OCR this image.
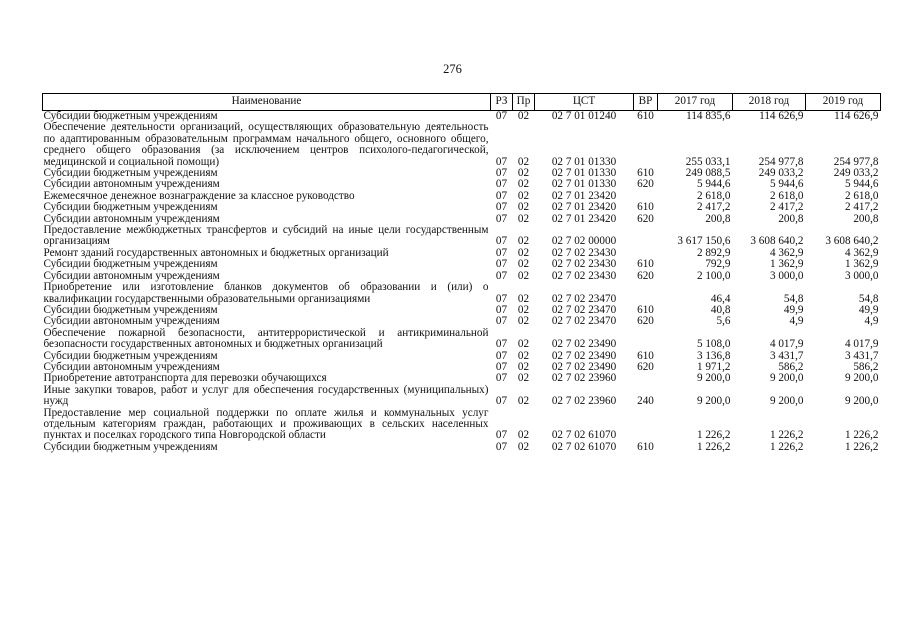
276
Наименование	РЗ	Пр	ЦСТ	ВР	2017 год	2018 год	2019 год
Субсидии бюджетным учреждениям	07	02	02 7 01 01240	610	114 835,6	114 626,9	114 626,9
Обеспечение деятельности организаций, осуществляющих образовательную деятельность по адаптированным образовательным программам начального общего, основного общего, среднего общего образования (за исключением центров психолого-педагогической, медицинской и социальной помощи)	07	02	02 7 01 01330		255 033,1	254 977,8	254 977,8
Субсидии бюджетным учреждениям	07	02	02 7 01 01330	610	249 088,5	249 033,2	249 033,2
Субсидии автономным учреждениям	07	02	02 7 01 01330	620	5 944,6	5 944,6	5 944,6
Ежемесячное денежное вознаграждение за классное руководство	07	02	02 7 01 23420		2 618,0	2 618,0	2 618,0
Субсидии бюджетным учреждениям	07	02	02 7 01 23420	610	2 417,2	2 417,2	2 417,2
Субсидии автономным учреждениям	07	02	02 7 01 23420	620	200,8	200,8	200,8
Предоставление межбюджетных трансфертов и субсидий на иные цели государственным организациям	07	02	02 7 02 00000		3 617 150,6	3 608 640,2	3 608 640,2
Ремонт зданий государственных автономных и бюджетных организаций	07	02	02 7 02 23430		2 892,9	4 362,9	4 362,9
Субсидии бюджетным учреждениям	07	02	02 7 02 23430	610	792,9	1 362,9	1 362,9
Субсидии автономным учреждениям	07	02	02 7 02 23430	620	2 100,0	3 000,0	3 000,0
Приобретение или изготовление бланков документов об образовании и (или) о квалификации государственными образовательными организациями	07	02	02 7 02 23470		46,4	54,8	54,8
Субсидии бюджетным учреждениям	07	02	02 7 02 23470	610	40,8	49,9	49,9
Субсидии автономным учреждениям	07	02	02 7 02 23470	620	5,6	4,9	4,9
Обеспечение пожарной безопасности, антитеррористической и антикриминальной безопасности государственных автономных и бюджетных организаций	07	02	02 7 02 23490		5 108,0	4 017,9	4 017,9
Субсидии бюджетным учреждениям	07	02	02 7 02 23490	610	3 136,8	3 431,7	3 431,7
Субсидии автономным учреждениям	07	02	02 7 02 23490	620	1 971,2	586,2	586,2
Приобретение автотранспорта для перевозки обучающихся	07	02	02 7 02 23960		9 200,0	9 200,0	9 200,0
Иные закупки товаров, работ и услуг для обеспечения государственных (муниципальных) нужд	07	02	02 7 02 23960	240	9 200,0	9 200,0	9 200,0
Предоставление мер социальной поддержки по оплате жилья и коммунальных услуг отдельным категориям граждан, работающих и проживающих в сельских населенных пунктах и поселках городского типа Новгородской области	07	02	02 7 02 61070		1 226,2	1 226,2	1 226,2
Субсидии бюджетным учреждениям	07	02	02 7 02 61070	610	1 226,2	1 226,2	1 226,2
